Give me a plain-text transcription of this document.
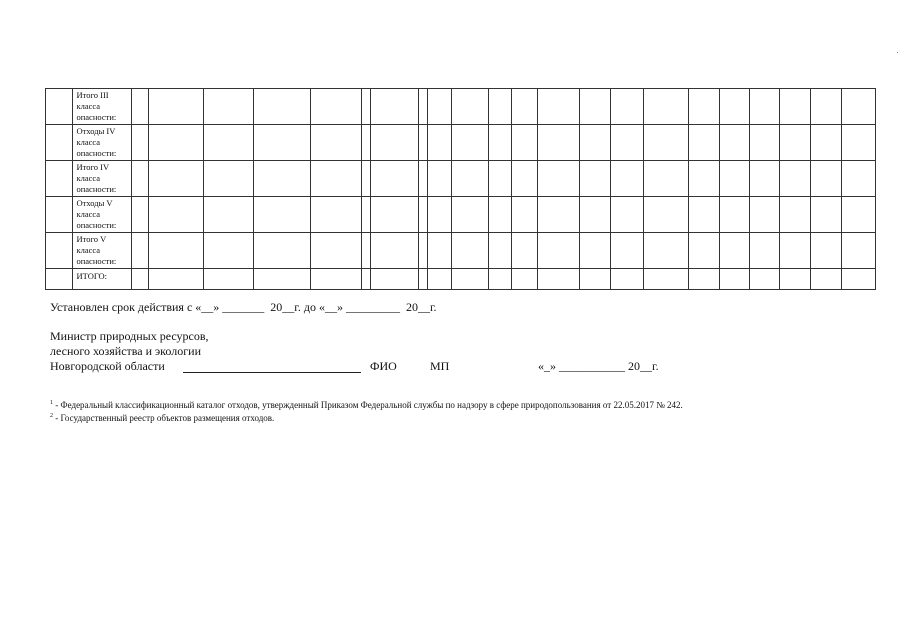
	Итого III
класса
опасности:																						
	Отходы IV
класса
опасности:																						
	Итого IV
класса
опасности:																						
	Отходы V
класса
опасности:																						
	Итого V
класса
опасности:																						
	ИТОГО:																						
Установлен срок действия с «__» _______  20__г. до «__» _________  20__г.
Министр природных ресурсов,
лесного хозяйства и экологии
Новгородской области	ФИО	МП	«_» ___________ 20__г.
$^1$ - Федеральный классификационный каталог отходов, утвержденный Приказом Федеральной службы по надзору в сфере природопользования от 22.05.2017 № 242.
$^2$ - Государственный реестр объектов размещения отходов.
